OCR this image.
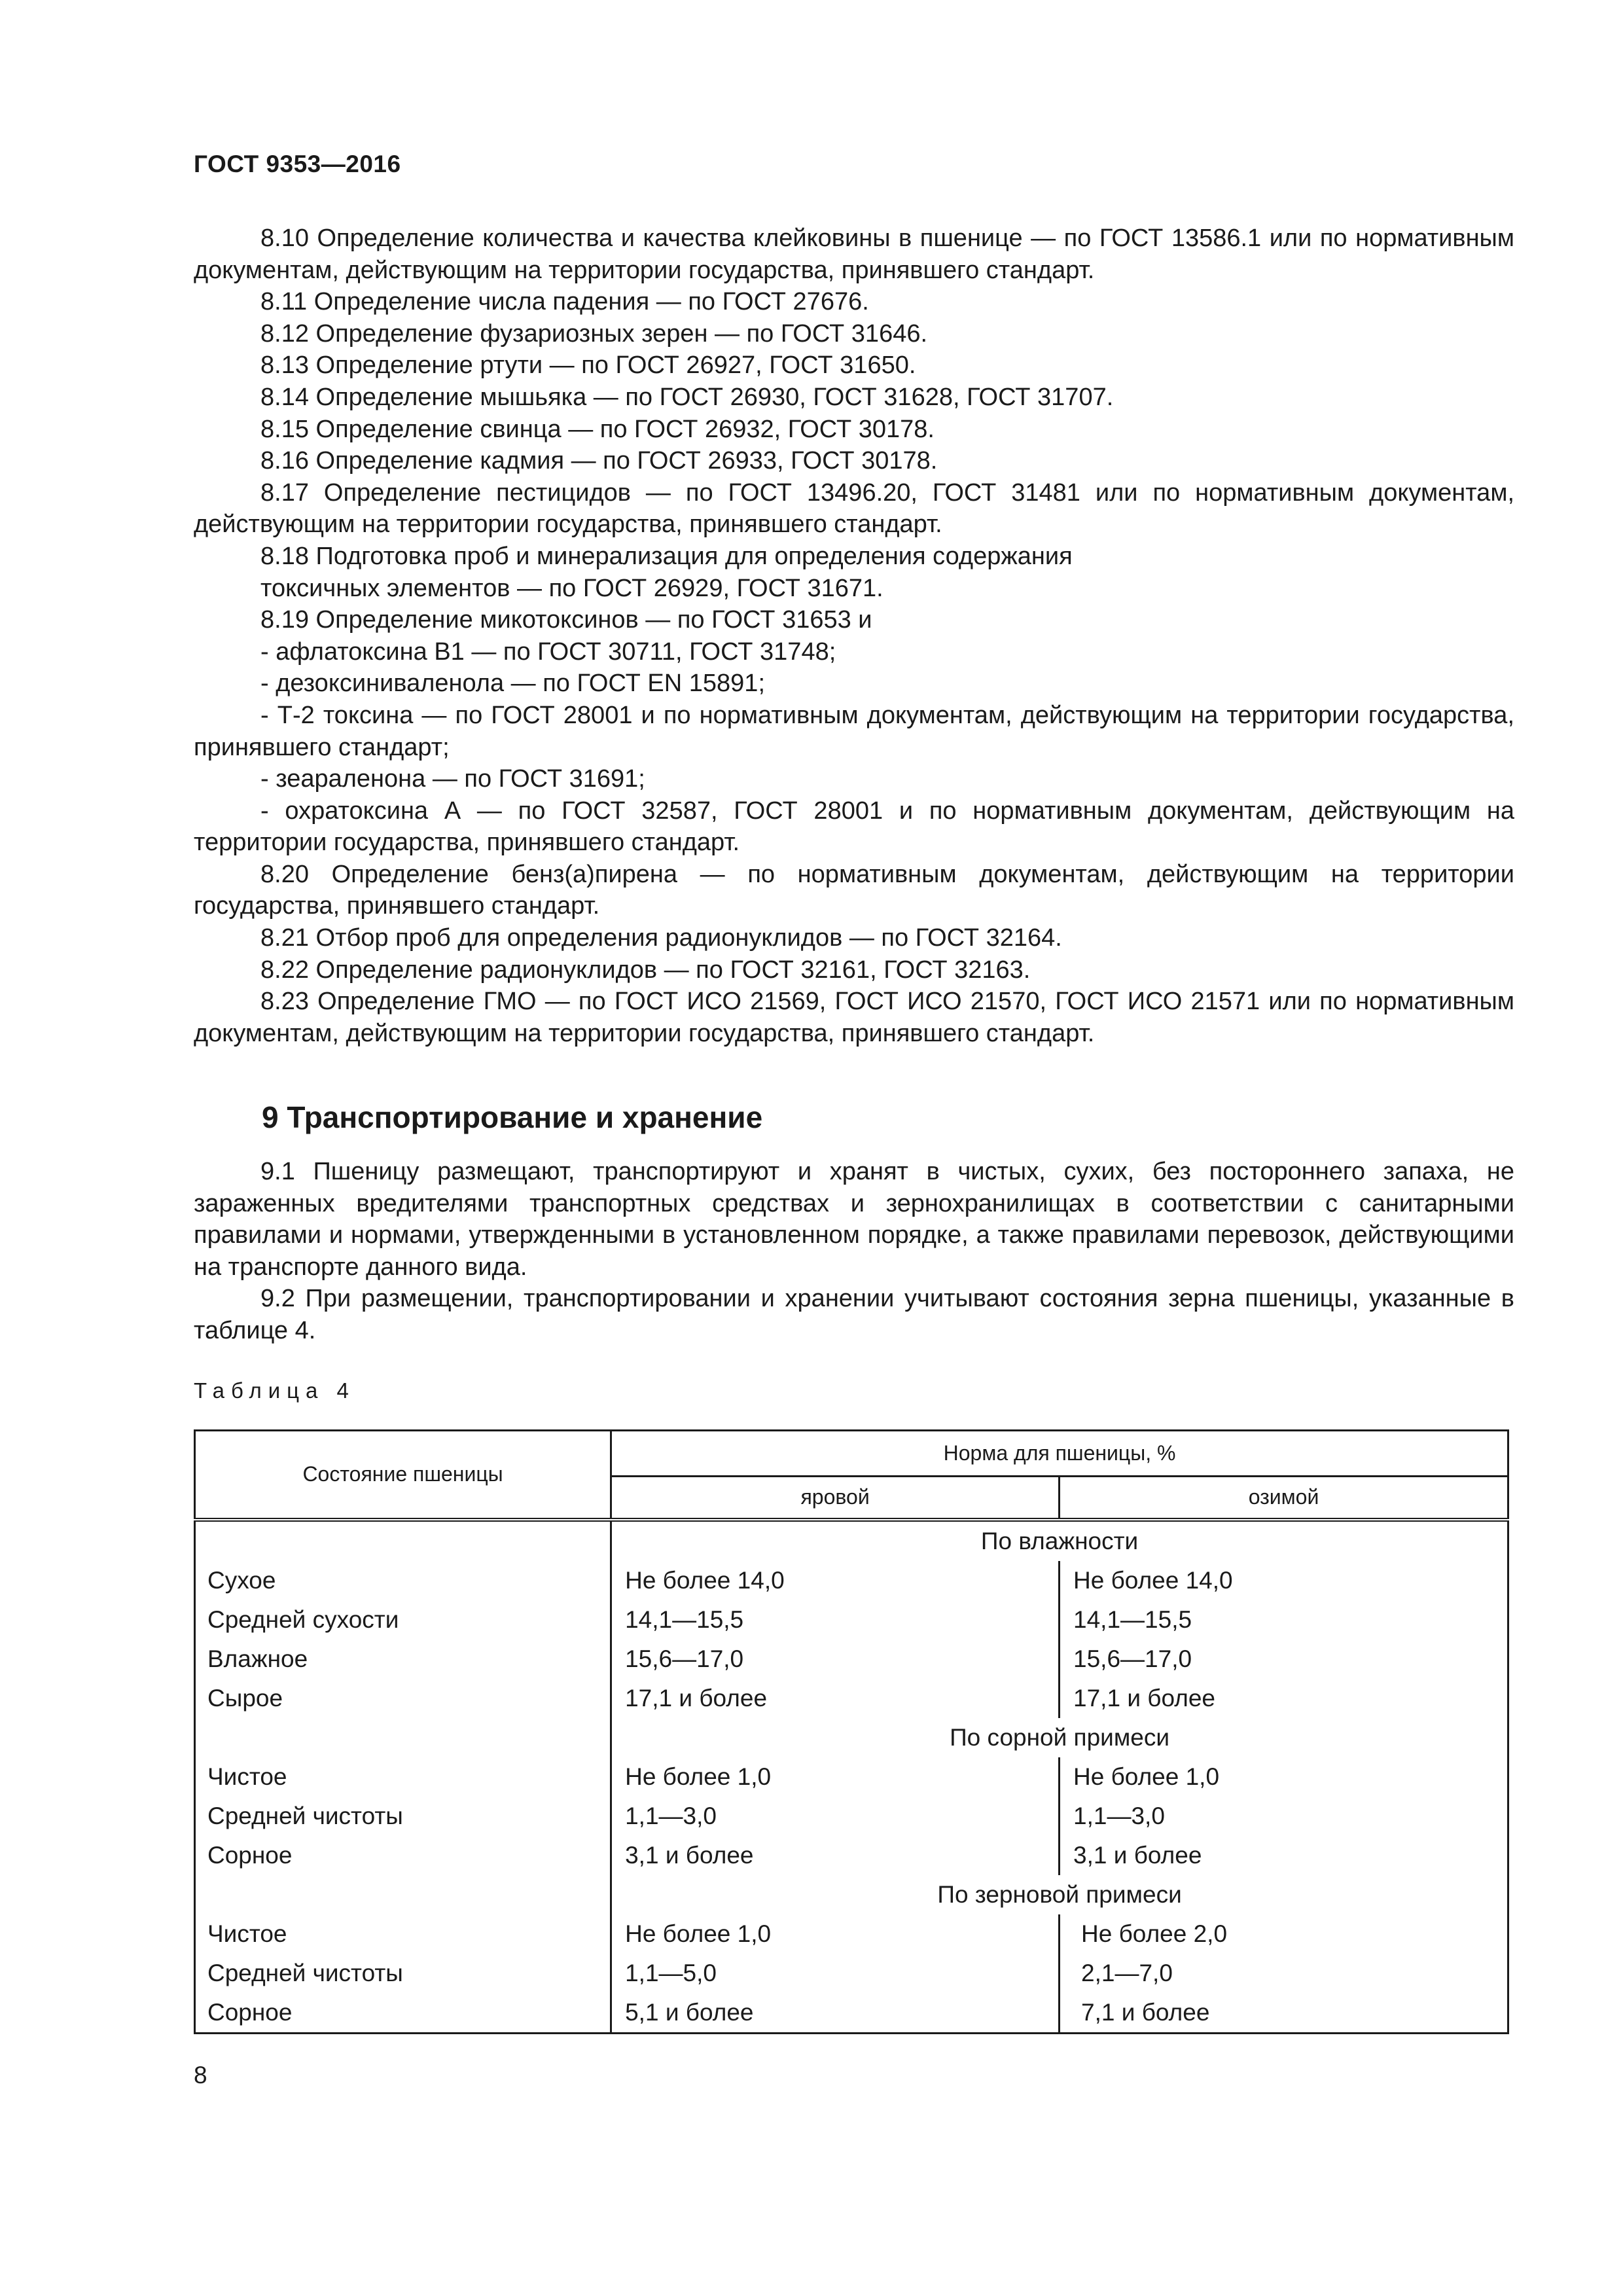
ГОСТ 9353—2016

8.10 Определение количества и качества клейковины в пшенице — по ГОСТ 13586.1 или по нормативным документам, действующим на территории государства, принявшего стандарт.

8.11 Определение числа падения — по ГОСТ 27676.

8.12 Определение фузариозных зерен — по ГОСТ 31646.

8.13 Определение ртути — по ГОСТ 26927, ГОСТ 31650.

8.14 Определение мышьяка — по ГОСТ 26930, ГОСТ 31628, ГОСТ 31707.

8.15 Определение свинца — по ГОСТ 26932, ГОСТ 30178.

8.16 Определение кадмия — по ГОСТ 26933, ГОСТ 30178.

8.17 Определение пестицидов — по ГОСТ 13496.20, ГОСТ 31481 или по нормативным документам, действующим на территории государства, принявшего стандарт.

8.18 Подготовка проб и минерализация для определения содержания

токсичных элементов — по ГОСТ 26929, ГОСТ 31671.

8.19 Определение микотоксинов — по ГОСТ 31653 и

- афлатоксина В1 — по ГОСТ 30711, ГОСТ 31748;

- дезоксиниваленола — по ГОСТ EN 15891;

- Т-2 токсина — по ГОСТ 28001 и по нормативным документам, действующим на территории государства, принявшего стандарт;

- зеараленона — по ГОСТ 31691;

- охратоксина А — по ГОСТ 32587, ГОСТ 28001 и по нормативным документам, действующим на территории государства, принявшего стандарт.

8.20 Определение бенз(а)пирена — по нормативным документам, действующим на территории государства, принявшего стандарт.

8.21 Отбор проб для определения радионуклидов — по ГОСТ 32164.

8.22 Определение радионуклидов — по ГОСТ 32161, ГОСТ 32163.

8.23 Определение ГМО — по ГОСТ ИСО 21569, ГОСТ ИСО 21570, ГОСТ ИСО 21571 или по нормативным документам, действующим на территории государства, принявшего стандарт.

9 Транспортирование и хранение

9.1 Пшеницу размещают, транспортируют и хранят в чистых, сухих, без постороннего запаха, не зараженных вредителями транспортных средствах и зернохранилищах в соответствии с санитарными правилами и нормами, утвержденными в установленном порядке, а также правилами перевозок, действующими на транспорте данного вида.

9.2 При размещении, транспортировании и хранении учитывают состояния зерна пшеницы, указанные в таблице 4.

Таблица 4
Состояние пшеницы	Норма для пшеницы, %	
	яровой	озимой
	По влажности	
Сухое	Не более 14,0	Не более 14,0
Средней сухости	14,1—15,5	14,1—15,5
Влажное	15,6—17,0	15,6—17,0
Сырое	17,1 и более	17,1 и более
	По сорной примеси	
Чистое	Не более 1,0	Не более 1,0
Средней чистоты	1,1—3,0	1,1—3,0
Сорное	3,1 и более	3,1 и более
	По зерновой примеси	
Чистое	Не более 1,0	Не более 2,0
Средней чистоты	1,1—5,0	2,1—7,0
Сорное	5,1 и более	7,1 и более
8
